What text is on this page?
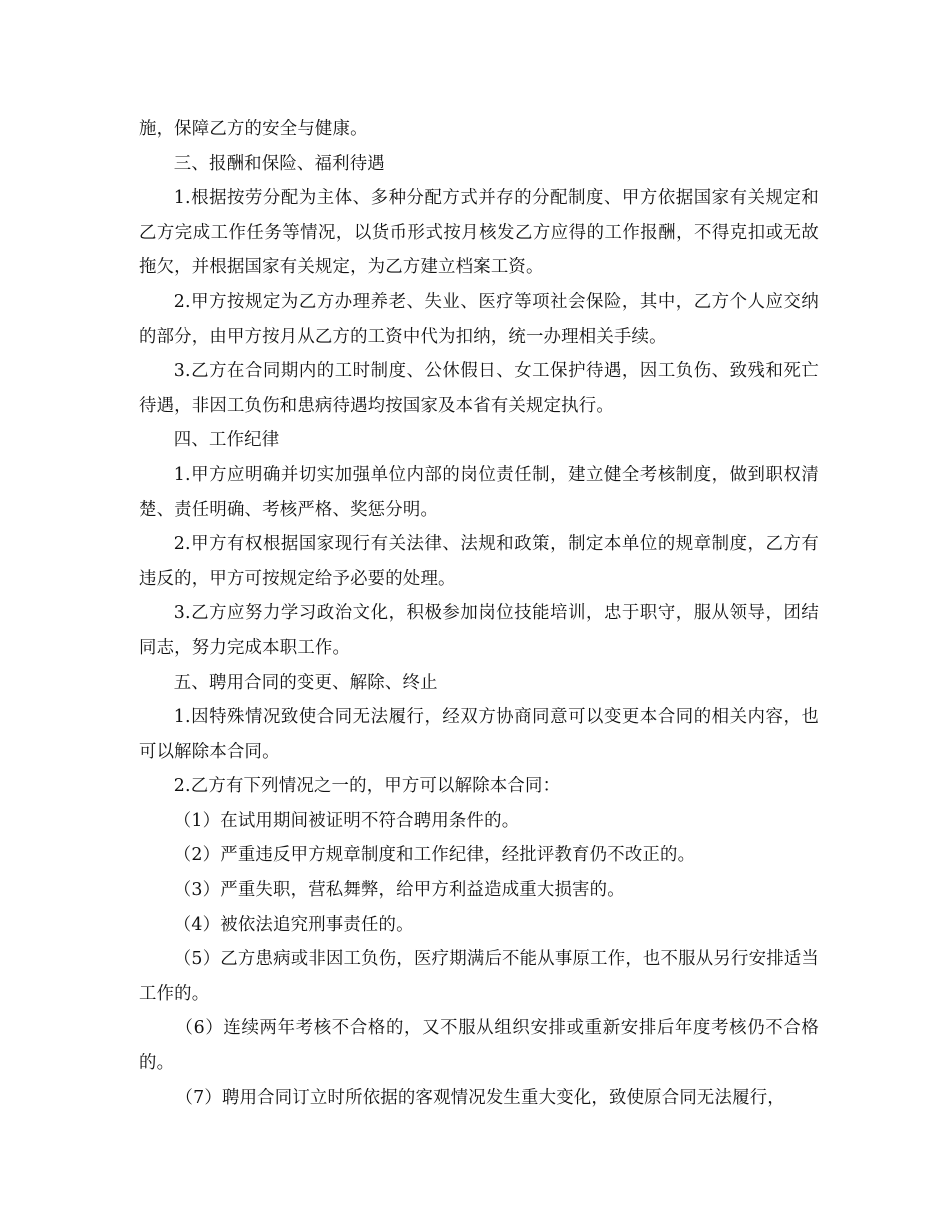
施，保障乙方的安全与健康。

三、报酬和保险、福利待遇

1.根据按劳分配为主体、多种分配方式并存的分配制度、甲方依据国家有关规定和乙方完成工作任务等情况，以货币形式按月核发乙方应得的工作报酬，不得克扣或无故拖欠，并根据国家有关规定，为乙方建立档案工资。

2.甲方按规定为乙方办理养老、失业、医疗等项社会保险，其中，乙方个人应交纳的部分，由甲方按月从乙方的工资中代为扣纳，统一办理相关手续。

3.乙方在合同期内的工时制度、公休假日、女工保护待遇，因工负伤、致残和死亡待遇，非因工负伤和患病待遇均按国家及本省有关规定执行。

四、工作纪律

1.甲方应明确并切实加强单位内部的岗位责任制，建立健全考核制度，做到职权清楚、责任明确、考核严格、奖惩分明。

2.甲方有权根据国家现行有关法律、法规和政策，制定本单位的规章制度，乙方有违反的，甲方可按规定给予必要的处理。

3.乙方应努力学习政治文化，积极参加岗位技能培训，忠于职守，服从领导，团结同志，努力完成本职工作。

五、聘用合同的变更、解除、终止

1.因特殊情况致使合同无法履行，经双方协商同意可以变更本合同的相关内容，也可以解除本合同。

2.乙方有下列情况之一的，甲方可以解除本合同：

（1）在试用期间被证明不符合聘用条件的。

（2）严重违反甲方规章制度和工作纪律，经批评教育仍不改正的。

（3）严重失职，营私舞弊，给甲方利益造成重大损害的。

（4）被依法追究刑事责任的。

（5）乙方患病或非因工负伤，医疗期满后不能从事原工作，也不服从另行安排适当工作的。

（6）连续两年考核不合格的，又不服从组织安排或重新安排后年度考核仍不合格的。

（7）聘用合同订立时所依据的客观情况发生重大变化，致使原合同无法履行，
